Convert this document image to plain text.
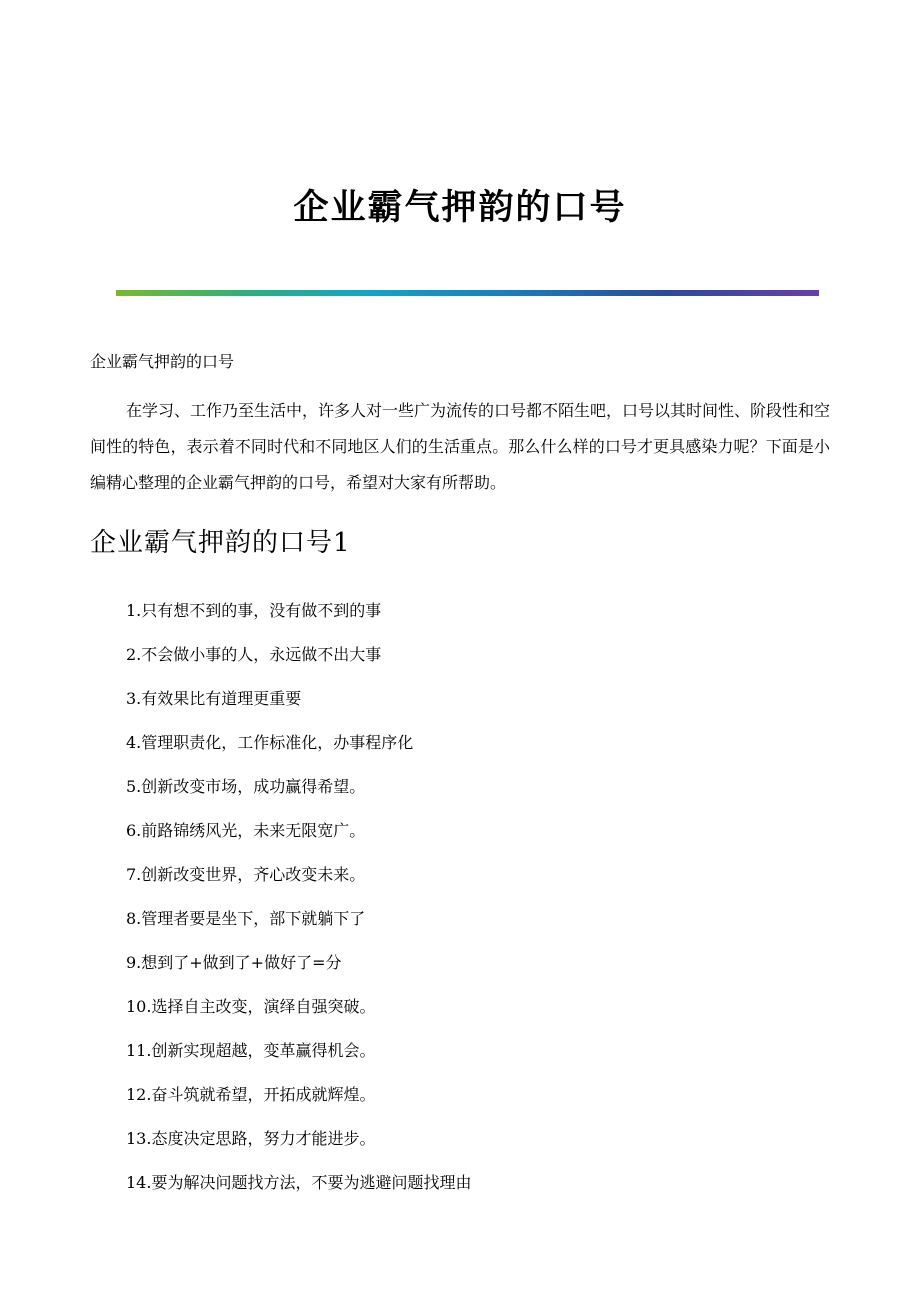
企业霸气押韵的口号

企业霸气押韵的口号

在学习、工作乃至生活中，许多人对一些广为流传的口号都不陌生吧，口号以其时间性、阶段性和空间性的特色，表示着不同时代和不同地区人们的生活重点。那么什么样的口号才更具感染力呢？下面是小编精心整理的企业霸气押韵的口号，希望对大家有所帮助。

企业霸气押韵的口号1
1.只有想不到的事，没有做不到的事
2.不会做小事的人，永远做不出大事
3.有效果比有道理更重要
4.管理职责化，工作标准化，办事程序化
5.创新改变市场，成功赢得希望。
6.前路锦绣风光，未来无限宽广。
7.创新改变世界，齐心改变未来。
8.管理者要是坐下，部下就躺下了
9.想到了+做到了+做好了=分
10.选择自主改变，演绎自强突破。
11.创新实现超越，变革赢得机会。
12.奋斗筑就希望，开拓成就辉煌。
13.态度决定思路，努力才能进步。
14.要为解决问题找方法，不要为逃避问题找理由
